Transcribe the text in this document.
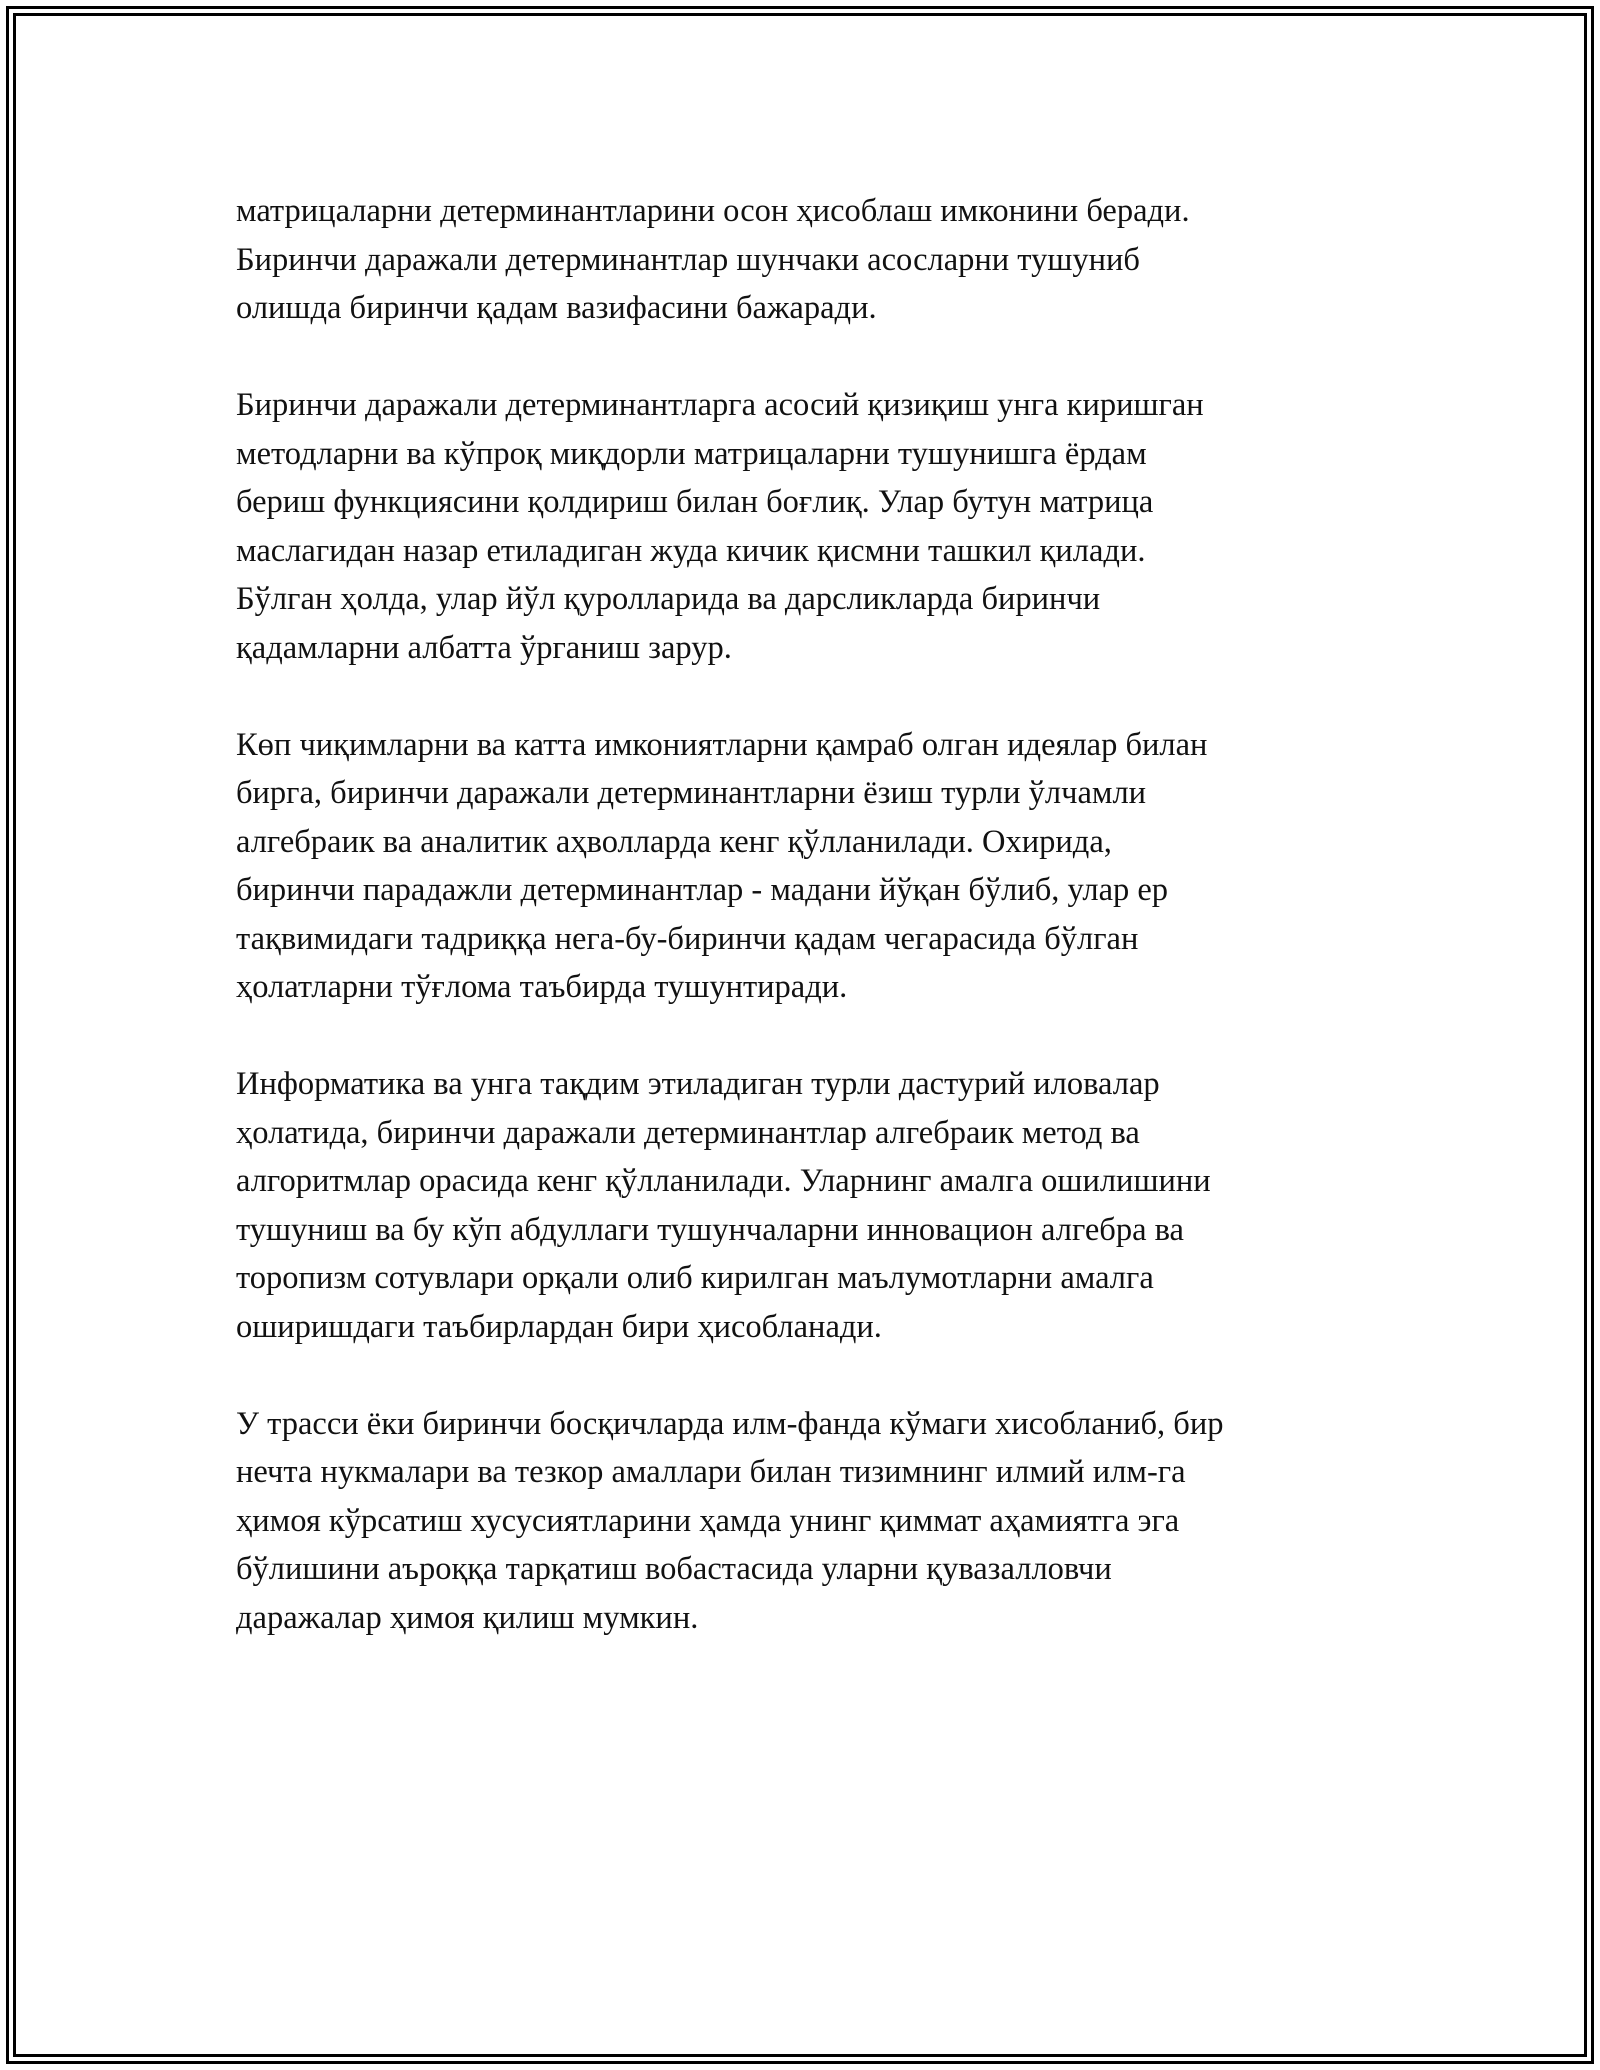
матрицаларни детерминантларини осон ҳисоблаш имконини беради.
Биринчи даражали детерминантлар шунчаки асосларни тушуниб
олишда биринчи қадам вазифасини бажаради.

Биринчи даражали детерминантларга асосий қизиқиш унга киришган
методларни ва кўпроқ миқдорли матрицаларни тушунишга ёрдам
бериш функциясини қолдириш билан боғлиқ. Улар бутун матрица
маслагидан назар етиладиган жуда кичик қисмни ташкил қилади.
Бўлган ҳолда, улар йўл қуролларида ва дарсликларда биринчи
қадамларни албатта ўрганиш зарур.

Көп чиқимларни ва катта имкониятларни қамраб олган идеялар билан
бирга, биринчи даражали детерминантларни ёзиш турли ўлчамли
алгебраик ва аналитик аҳволларда кенг қўлланилади. Охирида,
биринчи парадажли детерминантлар - мадани йўқан бўлиб, улар ер
тақвимидаги тадриққа нега-бу-биринчи қадам чегарасида бўлган
ҳолатларни тўғлома таъбирда тушунтиради.

Информатика ва унга тақдим этиладиган турли дастурий иловалар
ҳолатида, биринчи даражали детерминантлар алгебраик метод ва
алгоритмлар орасида кенг қўлланилади. Уларнинг амалга ошилишини
тушуниш ва бу кўп абдуллаги тушунчаларни инновацион алгебра ва
торопизм сотувлари орқали олиб кирилган маълумотларни амалга
оширишдаги таъбирлардан бири ҳисобланади.

У трасси ёки биринчи босқичларда илм-фанда кўмаги хисобланиб, бир
нечта нукмалари ва тезкор амаллари билан тизимнинг илмий илм-га
ҳимоя кўрсатиш хусусиятларини ҳамда унинг қиммат аҳамиятга эга
бўлишини аъроққа тарқатиш вобастасида уларни қувазалловчи
даражалар ҳимоя қилиш мумкин.
